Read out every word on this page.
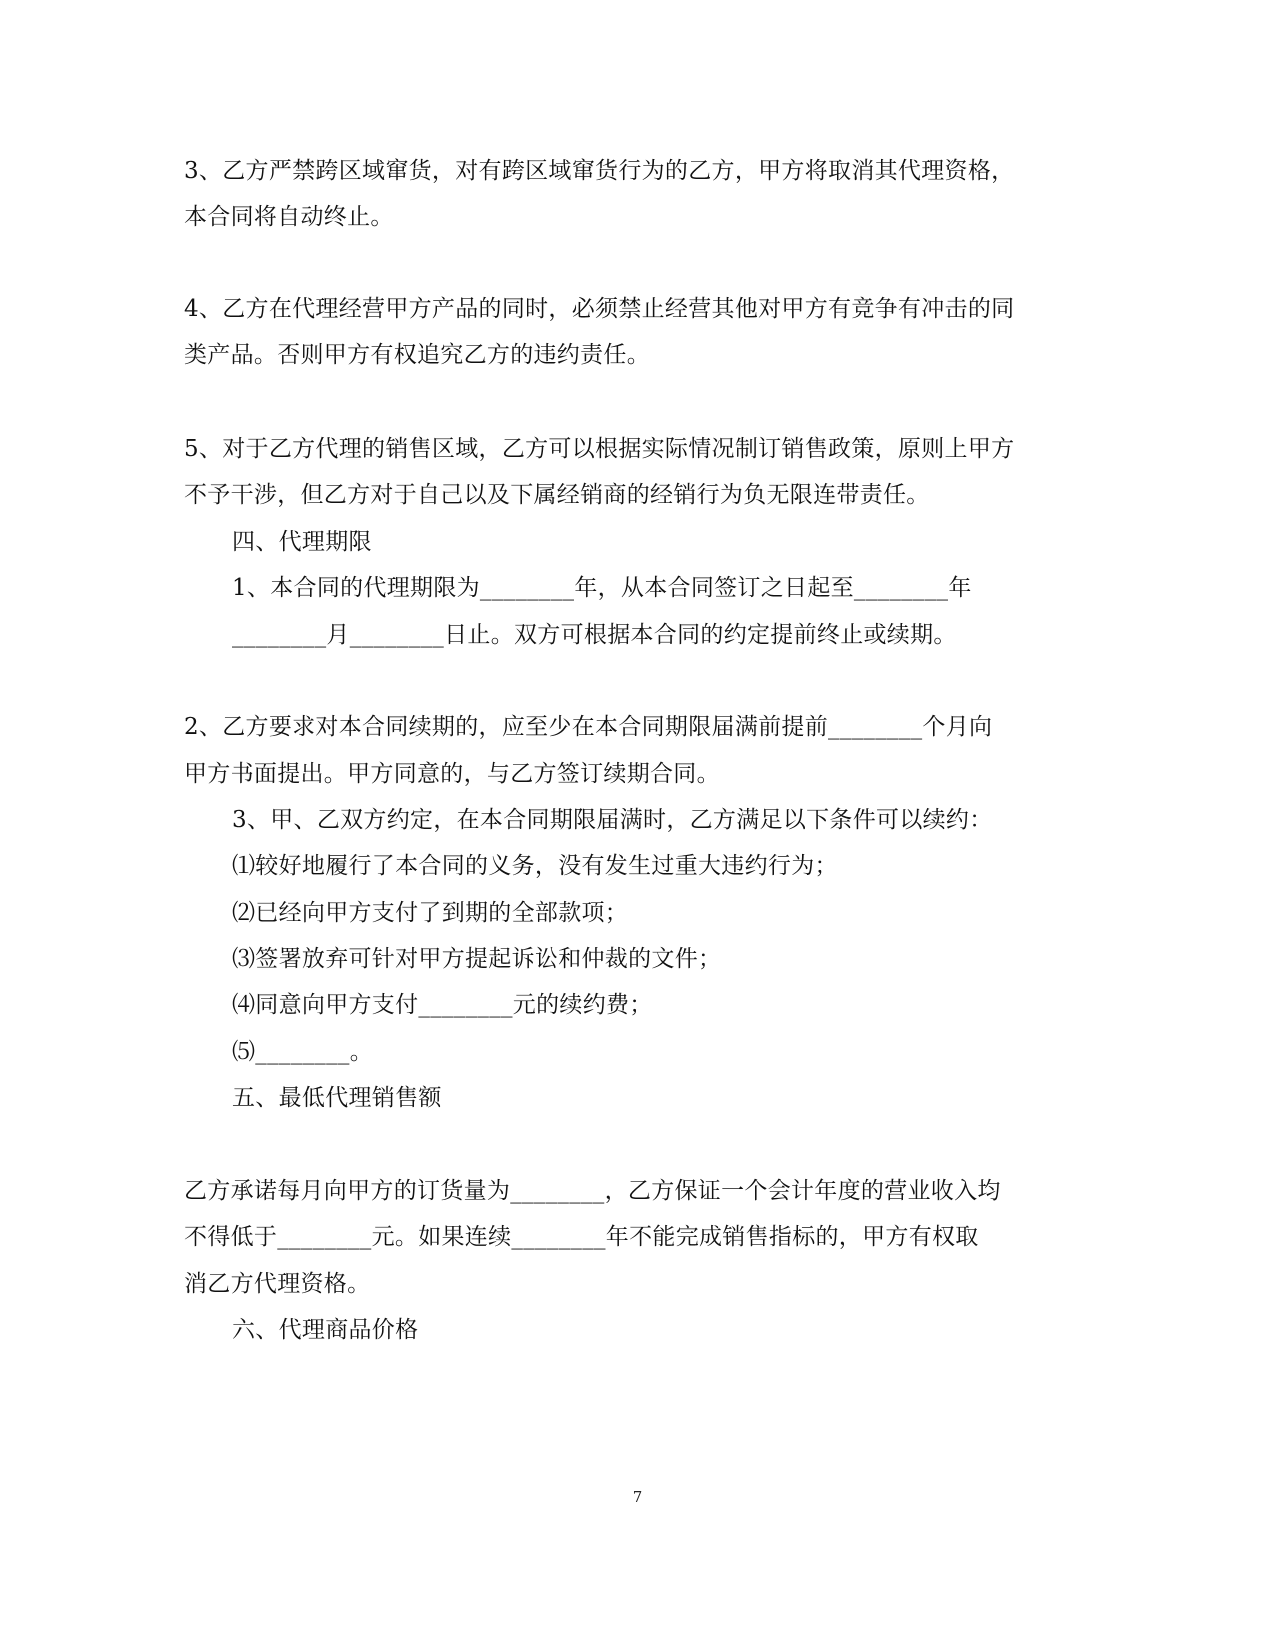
3、乙方严禁跨区域窜货，对有跨区域窜货行为的乙方，甲方将取消其代理资格，
本合同将自动终止。
4、乙方在代理经营甲方产品的同时，必须禁止经营其他对甲方有竞争有冲击的同
类产品。否则甲方有权追究乙方的违约责任。
5、对于乙方代理的销售区域，乙方可以根据实际情况制订销售政策，原则上甲方
不予干涉，但乙方对于自己以及下属经销商的经销行为负无限连带责任。
四、代理期限
1、本合同的代理期限为________年，从本合同签订之日起至________年
________月________日止。双方可根据本合同的约定提前终止或续期。
2、乙方要求对本合同续期的，应至少在本合同期限届满前提前________个月向
甲方书面提出。甲方同意的，与乙方签订续期合同。
3、甲、乙双方约定，在本合同期限届满时，乙方满足以下条件可以续约：
⑴较好地履行了本合同的义务，没有发生过重大违约行为；
⑵已经向甲方支付了到期的全部款项；
⑶签署放弃可针对甲方提起诉讼和仲裁的文件；
⑷同意向甲方支付________元的续约费；
⑸________。
五、最低代理销售额
乙方承诺每月向甲方的订货量为________，乙方保证一个会计年度的营业收入均
不得低于________元。如果连续________年不能完成销售指标的，甲方有权取
消乙方代理资格。
六、代理商品价格
7
